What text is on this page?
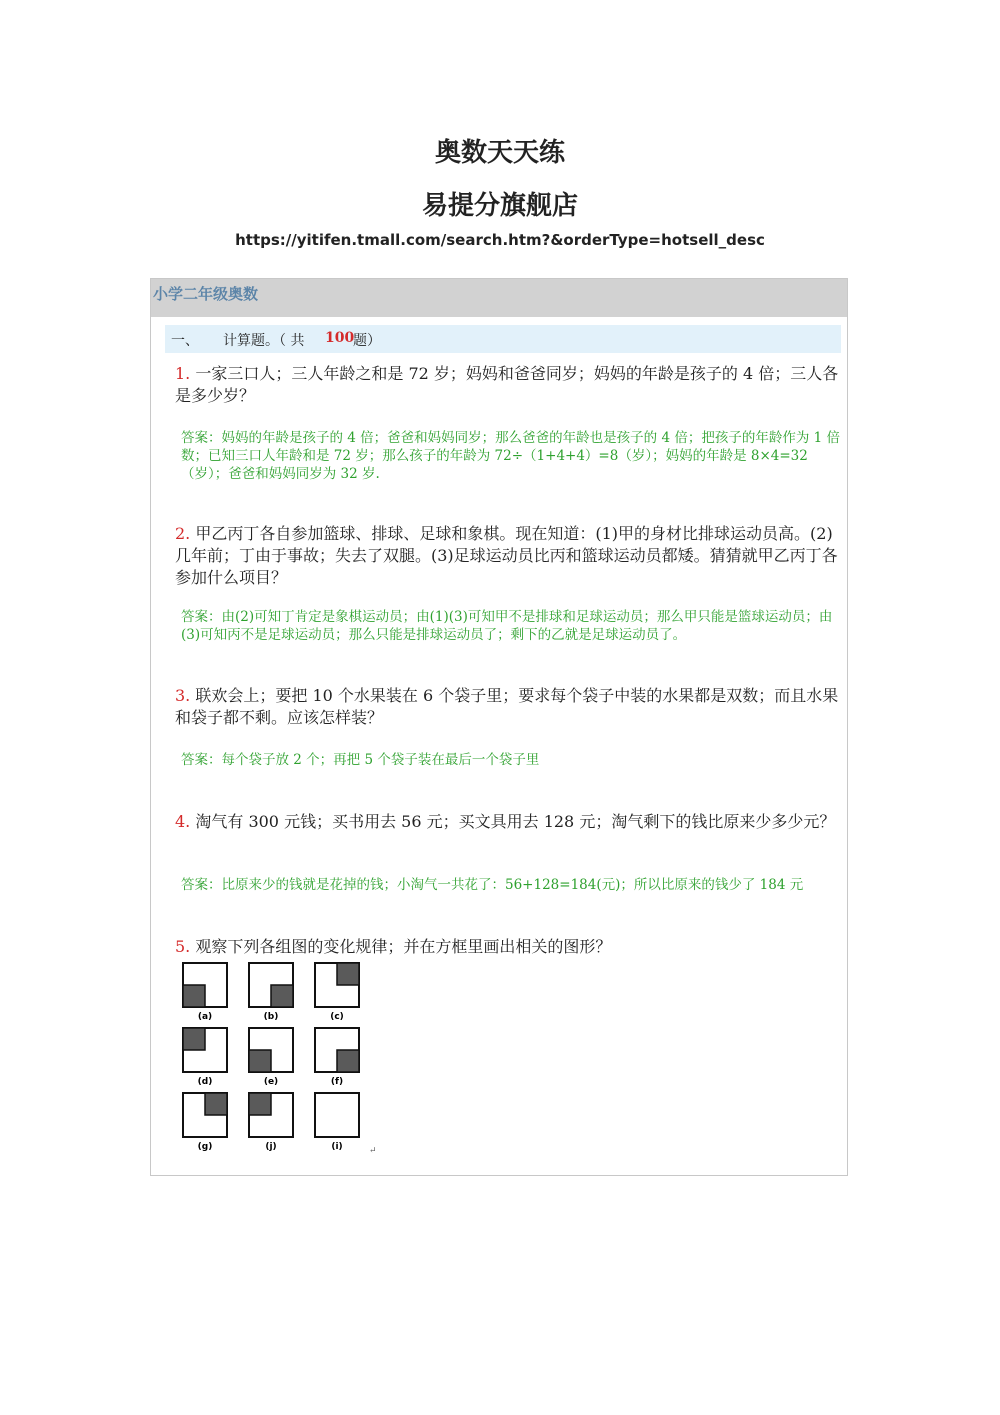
奥数天天练
易提分旗舰店
https://yitifen.tmall.com/search.htm?&orderType=hotsell_desc
小学二年级奥数
一、 计算题。（ 共 100
题）
1. 一家三口人；三人年龄之和是 72 岁；妈妈和爸爸同岁；妈妈的年龄是孩子的 4 倍；三人各是多少岁？
答案：妈妈的年龄是孩子的 4 倍；爸爸和妈妈同岁；那么爸爸的年龄也是孩子的 4 倍；把孩子的年龄作为 1 倍数；已知三口人年龄和是 72 岁；那么孩子的年龄为 72÷（1+4+4）=8（岁）；妈妈的年龄是 8×4=32（岁）；爸爸和妈妈同岁为 32 岁.
2. 甲乙丙丁各自参加篮球、排球、足球和象棋。现在知道：(1)甲的身材比排球运动员高。(2)几年前；丁由于事故；失去了双腿。(3)足球运动员比丙和篮球运动员都矮。猜猜就甲乙丙丁各参加什么项目？
答案：由(2)可知丁肯定是象棋运动员；由(1)(3)可知甲不是排球和足球运动员；那么甲只能是篮球运动员；由(3)可知丙不是足球运动员；那么只能是排球运动员了；剩下的乙就是足球运动员了。
3. 联欢会上；要把 10 个水果装在 6 个袋子里；要求每个袋子中装的水果都是双数；而且水果和袋子都不剩。应该怎样装？
答案：每个袋子放 2 个；再把 5 个袋子装在最后一个袋子里
4. 淘气有 300 元钱；买书用去 56 元；买文具用去 128 元；淘气剩下的钱比原来少多少元？
答案：比原来少的钱就是花掉的钱；小淘气一共花了：56+128=184(元)；所以比原来的钱少了 184 元
5. 观察下列各组图的变化规律；并在方框里画出相关的图形？
(a)	(b)	(c)
(d)	(e)	(f)
(g)	(j)	(i)	↵
